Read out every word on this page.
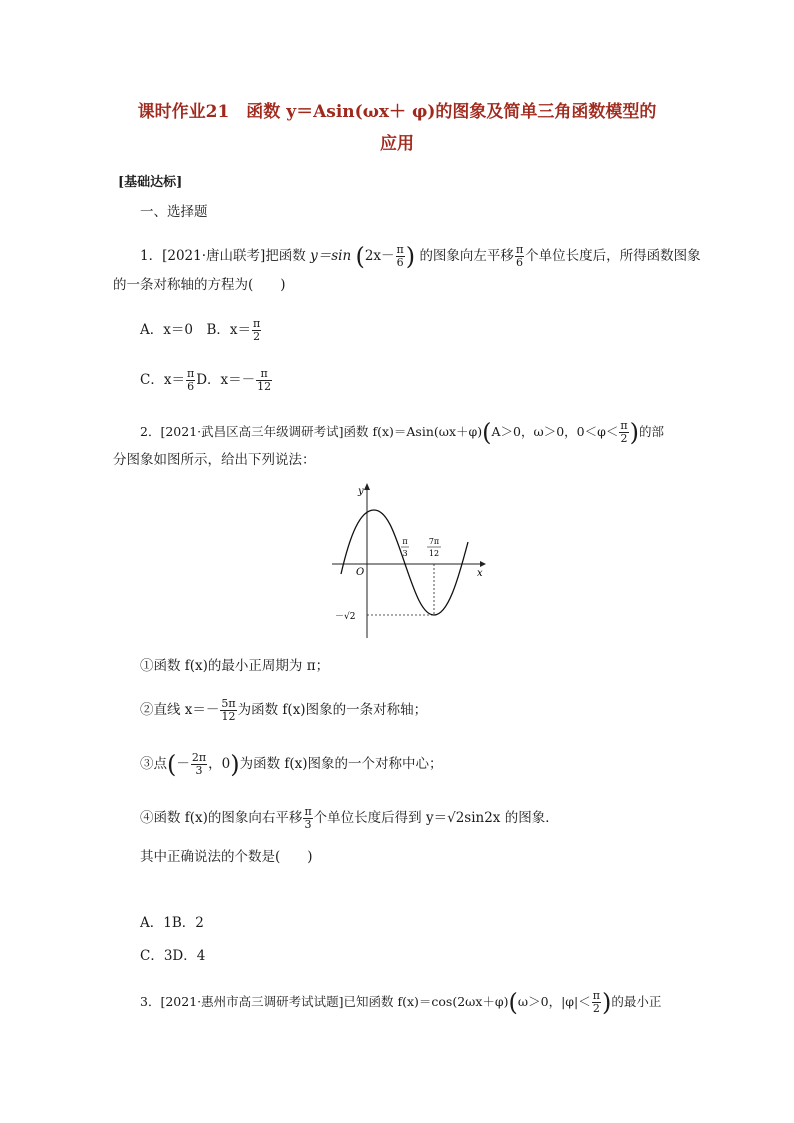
课时作业21　函数 y＝Asin(ωx＋ φ)的图象及简单三角函数模型的
应用
[基础达标]
一、选择题
1．[2021·唐山联考]把函数 y＝sin ($2x- \frac{\pi}{6}$ ) 的图象向左平移 $\frac{\pi}{6}$ 个单位长度后，所得函数图象
的一条对称轴的方程为(　　)
A．x＝0　B．$x= \frac{\pi}{2}$
C．$x= \frac{\pi}{6}$ D．$x=- \frac{\pi}{12}$
2．[2021·武昌区高三年级调研考试]函数 f(x)＝Asin(ωx＋φ)(A＞0，ω＞0，$0<\varphi< \frac{\pi}{2}$ )的部
分图象如图所示，给出下列说法：
y
x
O
π
3
7π
12
－√2
①函数 f(x)的最小正周期为 π；
②直线 $x=- \frac{5\pi}{12}$ 为函数 f(x)图象的一条对称轴；
③点(－ $\frac{2\pi}{3}$ ，0)为函数 f(x)图象的一个对称中心；
④函数 f(x)的图象向右平移 $\frac{\pi}{3}$ 个单位长度后得到 y＝√2sin2x 的图象．
其中正确说法的个数是(　　)
A．1B．2
C．3D．4
3．[2021·惠州市高三调研考试试题]已知函数 f(x)＝cos(2ωx＋φ)(ω＞0，$|\varphi|< \frac{\pi}{2}$ )的最小正
